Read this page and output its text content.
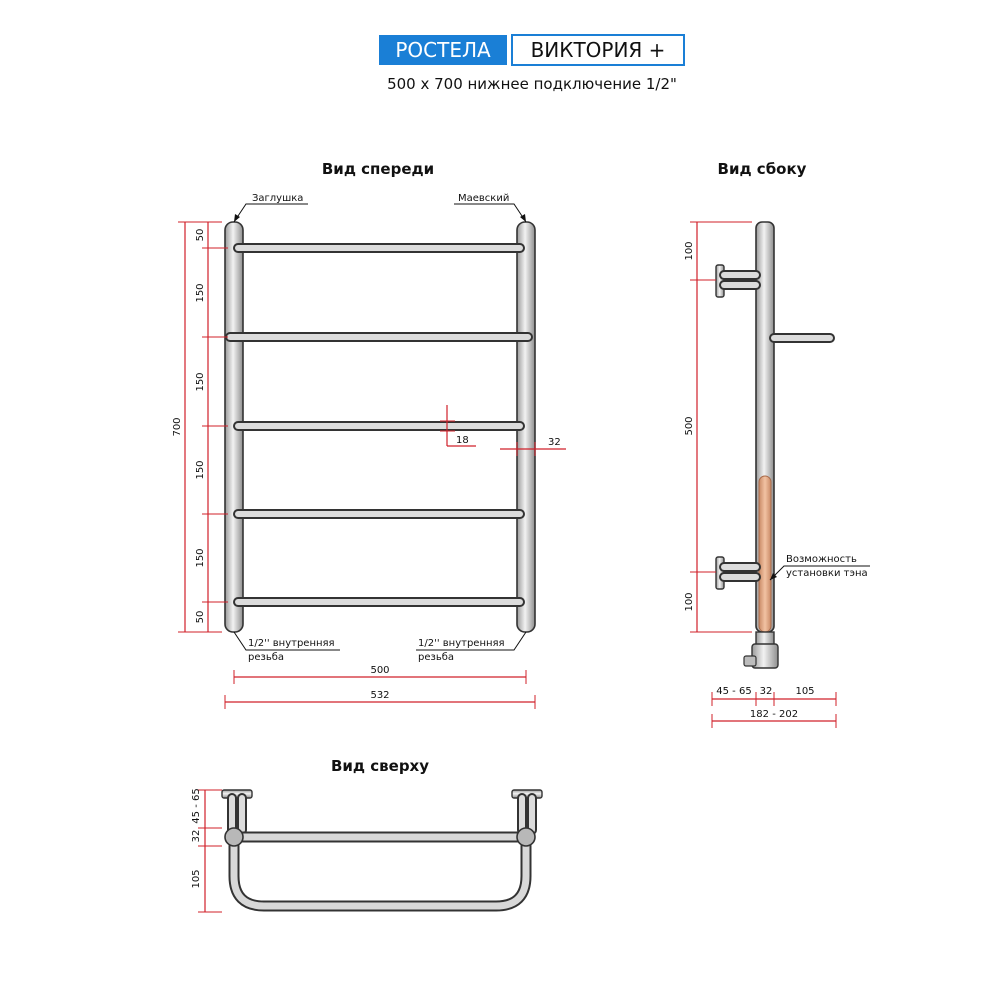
РОСТЕЛА ВИКТОРИЯ +
500 х 700 нижнее подключение 1/2"
Вид спереди
Заглушка	Маевский
1/2'' внутренняя
резьба
1/2'' внутренняя
резьба
700
50
150
150
150
150
50
18	32
500
532
Вид сбоку
Возможность
установки тэна
100
500
100
45 - 65 32 105
182 - 202
Вид сверху
45 - 65
32
105
